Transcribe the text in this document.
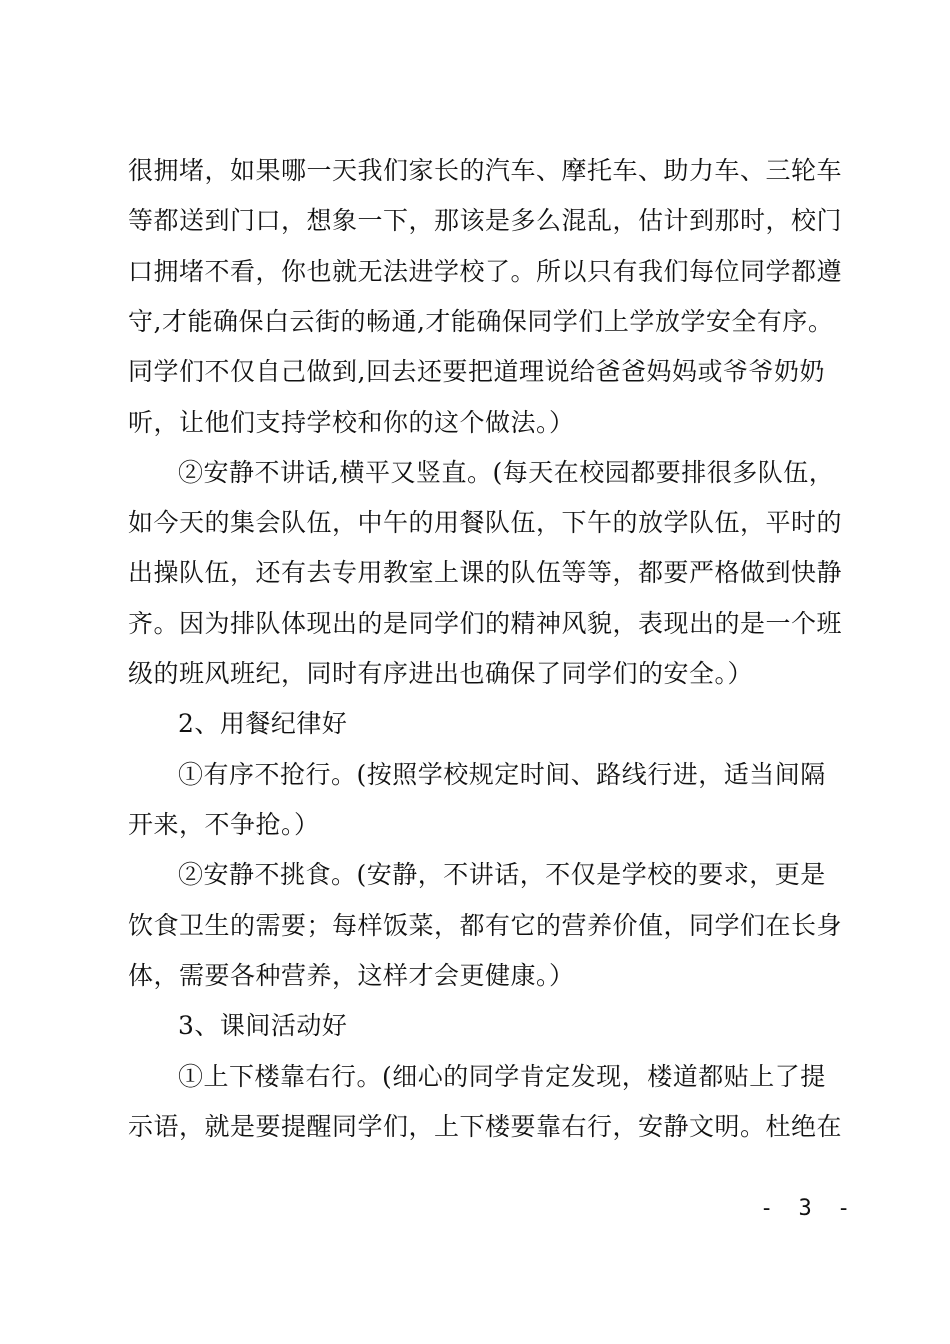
很拥堵，如果哪一天我们家长的汽车、摩托车、助力车、三轮车
等都送到门口，想象一下，那该是多么混乱，估计到那时，校门
口拥堵不看，你也就无法进学校了。所以只有我们每位同学都遵
守,才能确保白云街的畅通,才能确保同学们上学放学安全有序。
同学们不仅自己做到,回去还要把道理说给爸爸妈妈或爷爷奶奶
听，让他们支持学校和你的这个做法。）
②安静不讲话,横平又竖直。(每天在校园都要排很多队伍，
如今天的集会队伍，中午的用餐队伍，下午的放学队伍，平时的
出操队伍，还有去专用教室上课的队伍等等，都要严格做到快静
齐。因为排队体现出的是同学们的精神风貌，表现出的是一个班
级的班风班纪，同时有序进出也确保了同学们的安全。）
2、用餐纪律好
①有序不抢行。(按照学校规定时间、路线行进，适当间隔
开来，不争抢。）
②安静不挑食。(安静，不讲话，不仅是学校的要求，更是
饮食卫生的需要；每样饭菜，都有它的营养价值，同学们在长身
体，需要各种营养，这样才会更健康。）
3、课间活动好
①上下楼靠右行。(细心的同学肯定发现，楼道都贴上了提
示语，就是要提醒同学们，上下楼要靠右行，安静文明。杜绝在
- 3 -
